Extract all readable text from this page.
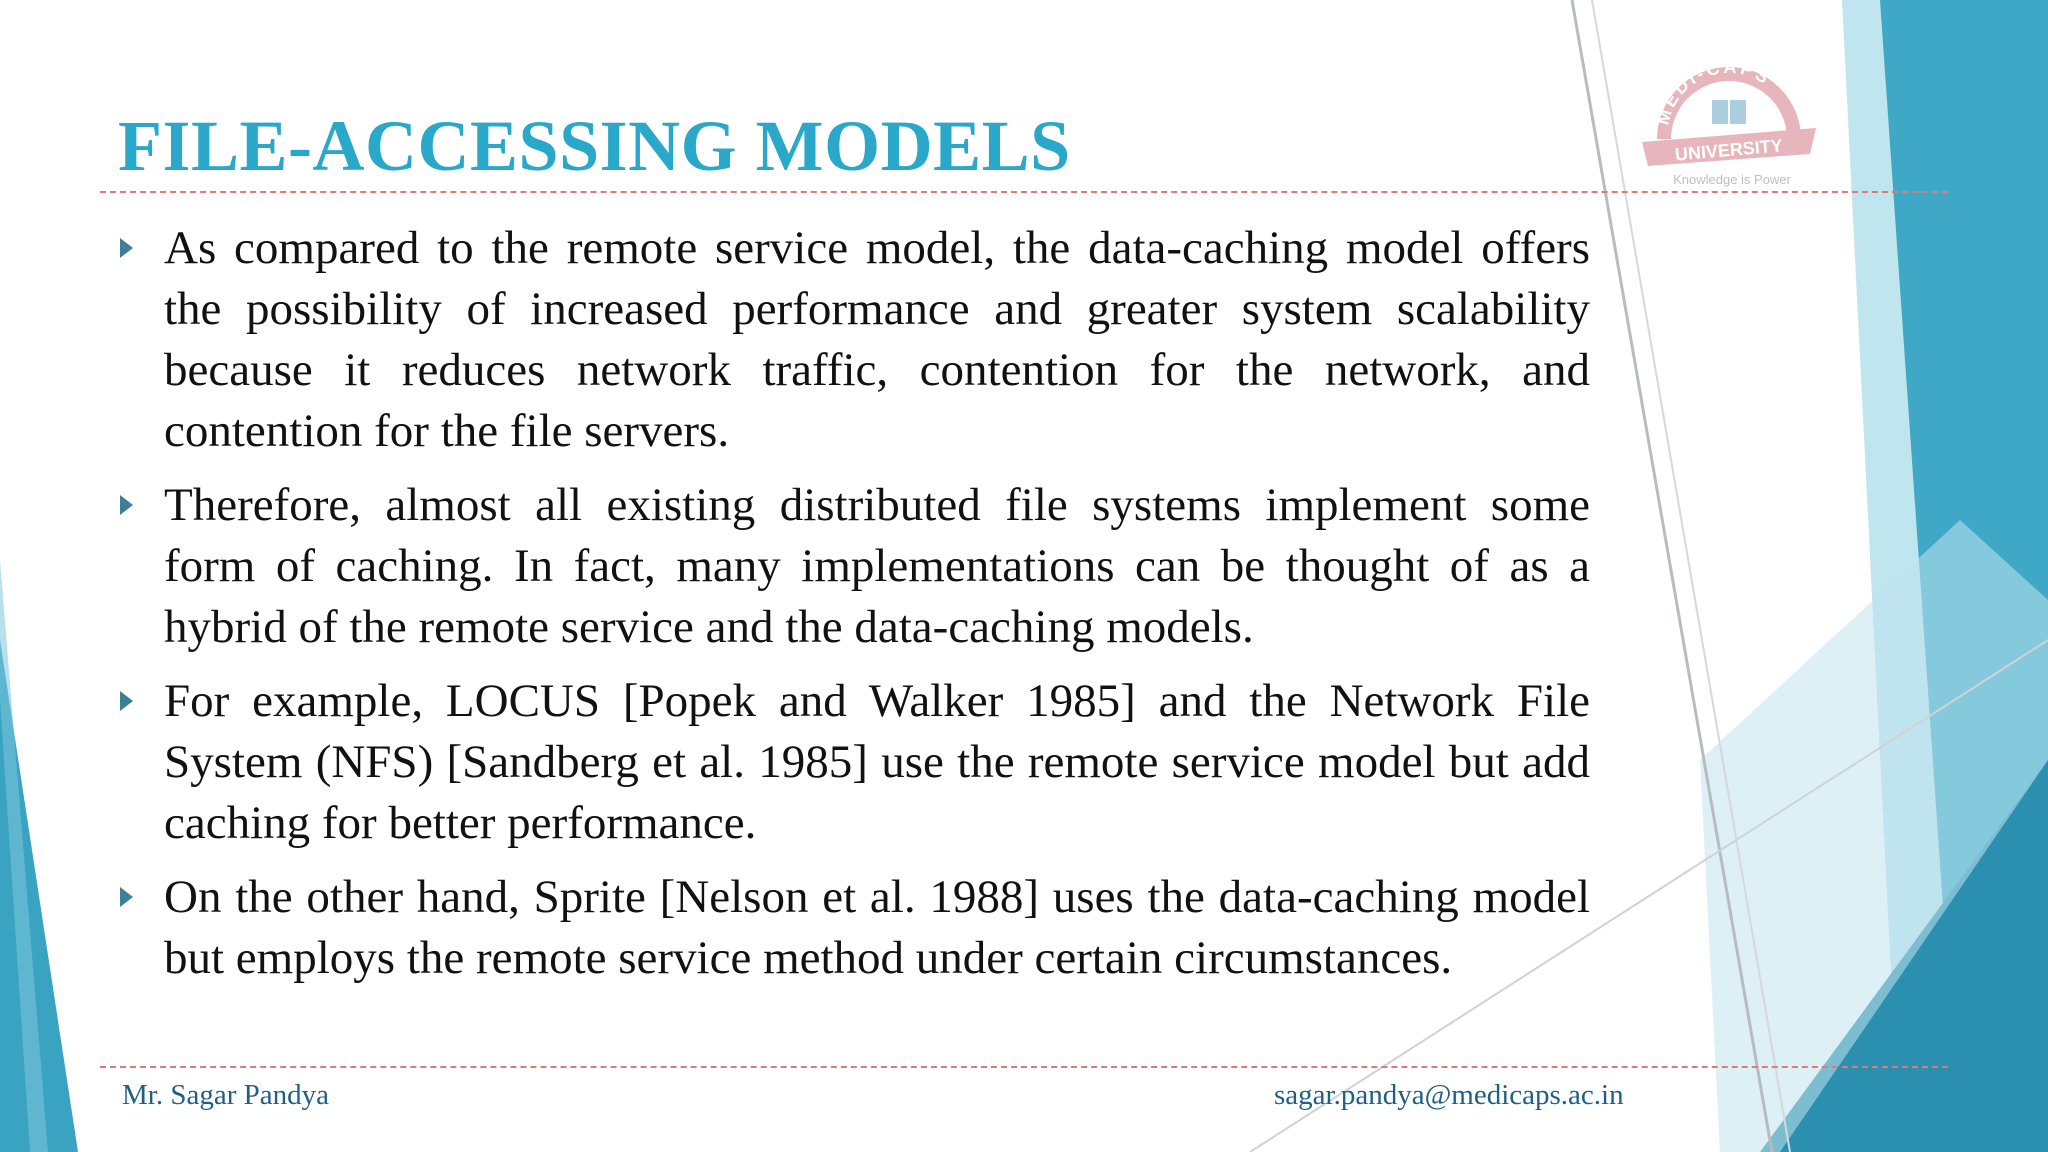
MEDI-CAPS
UNIVERSITY
Knowledge is Power
FILE-ACCESSING MODELS
As compared to the remote service model, the data-caching model offers the possibility of increased performance and greater system scalability because it reduces network traffic, contention for the network, and contention for the file servers.
Therefore, almost all existing distributed file systems implement some form of caching. In fact, many implementations can be thought of as a hybrid of the remote service and the data-caching models.
For example, LOCUS [Popek and Walker 1985] and the Network File System (NFS) [Sandberg et al. 1985] use the remote service model but add caching for better performance.
On the other hand, Sprite [Nelson et al. 1988] uses the data-caching model but employs the remote service method under certain circumstances.
Mr. Sagar Pandya	sagar.pandya@medicaps.ac.in
